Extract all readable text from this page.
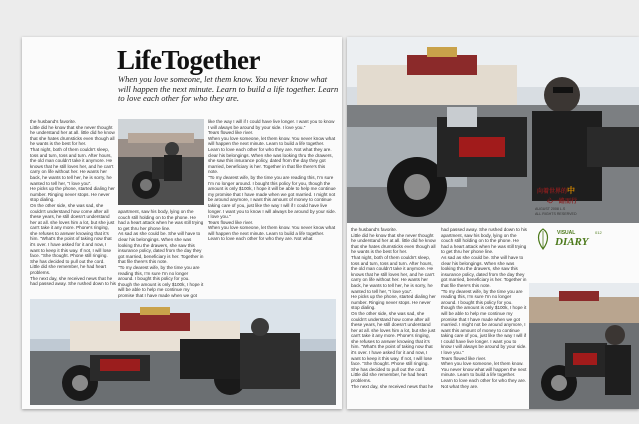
LifeTogether
When you love someone, let them know. You never know what will happen the next minute. Learn to build a life together. Learn to love each other for who they are.
the husband's favorite.
Little did he know that she never thought he understand her at all. little did he know that she hates drumsticks even though all he wants is the best for her.
That night, both of them couldn't sleep, toss and turn, toss and turn. After hours, the old man couldn't take it anymore. He knows that he still loves her, and he can't carry on life without her. He wants her back, he wants to tell her, he is sorry, he wanted to tell her, "I love you".
He picks up the phone, started dialing her number. Ringing never stops. He never stop dialing.
On the other side, she was sad, she couldn't understand how come after all these years, he still doesn't understand her at all. she loves him a lot, but she just can't take it any more. Phone's ringing, she refuses to answer knowing that it's him. "What's the point of taking now that it's over. I have asked for it and now, I want to keep it this way. If not, I will lose face. "She thought. Phone still ringing. She has decided to pull out the cord.
Little did she remember, he had heart problems.
The next day, she received news that he had passed away. She rushed down to his
apartment, saw his body, lying on the couch still holding on to the phone. He had a heart attack when he was still trying to get thru her phone line.
As sad as she could be. She will have to clear his belongings. When she was looking thru the drawers, she saw this insurance policy, dated from the day they got married, beneficiary is her. Together in that file there's this note.
"To my dearest wife, by the time you are reading this, I'm sure I'm no longer around. I bought this policy for you. though the amount is only $100k, I hope it will be able to help me continue my promise that I have made when we got
like the way I will if I could have live longer. I want you to know I will always be around by your side. I love you."
Tears flowed like river.
When you love someone, let them know. You never know what will happen the next minute. Learn to build a life together. Learn to love each other for who they are. Not what they are.
clear his belongings. When she was looking thru the drawers, she saw this insurance policy, dated from the day they got married, beneficiary is her. Together in that file there's this note.
"To my dearest wife, by the time you are reading this, I'm sure I'm no longer around. I bought this policy for you, though the amount is only $100k, I hope it will be able to help me continue my promise that I have made when we got married. I might not be around anymore, I want this amount of money to continue taking care of you, just like the way I will if I could have live longer. I want you to know I will always be around by your side. I love you."
Tears flowed like river.
When you love someone, let them know. You never know what will happen the next minute. Learn to build a life together. Learn to love each other for who they are. Not what
向着世界的中
心一路而行
AUGUST 2008 L.S
ALL RIGHTS RESERVED
the husband's favorite.
Little did he know that she never thought he understand her at all. little did he know that she hates drumsticks even though all he wants is the best for her.
That night, both of them couldn't sleep, toss and turn, toss and turn. After hours, the old man couldn't take it anymore. He knows that he still loves her, and he can't carry on life without her. He wants her back, he wants to tell her, he is sorry, he wanted to tell her, "I love you".
He picks up the phone, started dialing her number. Ringing never stops. He never stop dialing.
On the other side, she was sad, she couldn't understand how come after all these years, he still doesn't understand her at all. she loves him a lot, but she just can't take it any more. Phone's ringing, she refuses to answer knowing that it's him. "What's the point of taking now that it's over. I have asked for it and now, I want to keep it this way. If not, I will lose face. "She thought. Phone still ringing. She has decided to pull out the cord.
Little did she remember, he had heart problems.
The next day, she received news that he
had passed away. She rushed down to his apartment, saw his body, lying on the couch still holding on to the phone. He had a heart attack when he was still trying to get thru her phone line.
As sad as she could be. She will have to clear his belongings. When she was looking thru the drawers, she saw this insurance policy, dated from the day they got married, beneficiary is her. Together in that file there's this note.
"To my dearest wife, by the time you are reading this, I'm sure I'm no longer around. I bought this policy for you. though the amount is only $100k, I hope it will be able to help me continue my promise that I have made when we got married. I might not be around anymore, I want this amount of money to continue taking care of you, just like the way I will if I could have live longer. I want you to know I will always be around by your side. I love you."
Tears flowed like river.
When you love someone, let them know. You never know what will happen the next minute. Learn to build a life together. Learn to love each other for who they are. Not what they are.
VISUAL
DIARY
012
